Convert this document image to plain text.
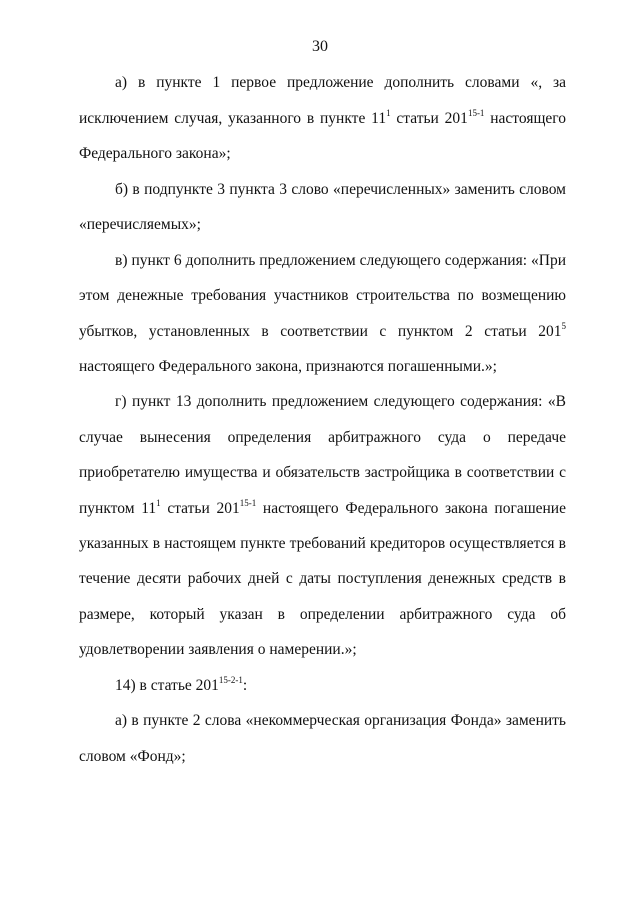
30
а) в пункте 1 первое предложение дополнить словами «, за
исключением случая, указанного в пункте $11^1$ статьи 201$^{15-1}$ настоящего
Федерального закона»;
б) в подпункте 3 пункта 3 слово «перечисленных» заменить словом
«перечисляемых»;
в) пункт 6 дополнить предложением следующего содержания: «При
этом денежные требования участников строительства по возмещению
убытков, установленных в соответствии с пунктом 2 статьи $201^5$
настоящего Федерального закона, признаются погашенными.»;
г) пункт 13 дополнить предложением следующего содержания: «В
случае вынесения определения арбитражного суда о передаче
приобретателю имущества и обязательств застройщика в соответствии с
пунктом $11^1$ статьи 201$^{15-1}$ настоящего Федерального закона погашение
указанных в настоящем пункте требований кредиторов осуществляется в
течение десяти рабочих дней с даты поступления денежных средств в
размере, который указан в определении арбитражного суда об
удовлетворении заявления о намерении.»;
14) в статье 201$^{15-2-1}$:
а) в пункте 2 слова «некоммерческая организация Фонда» заменить
словом «Фонд»;
